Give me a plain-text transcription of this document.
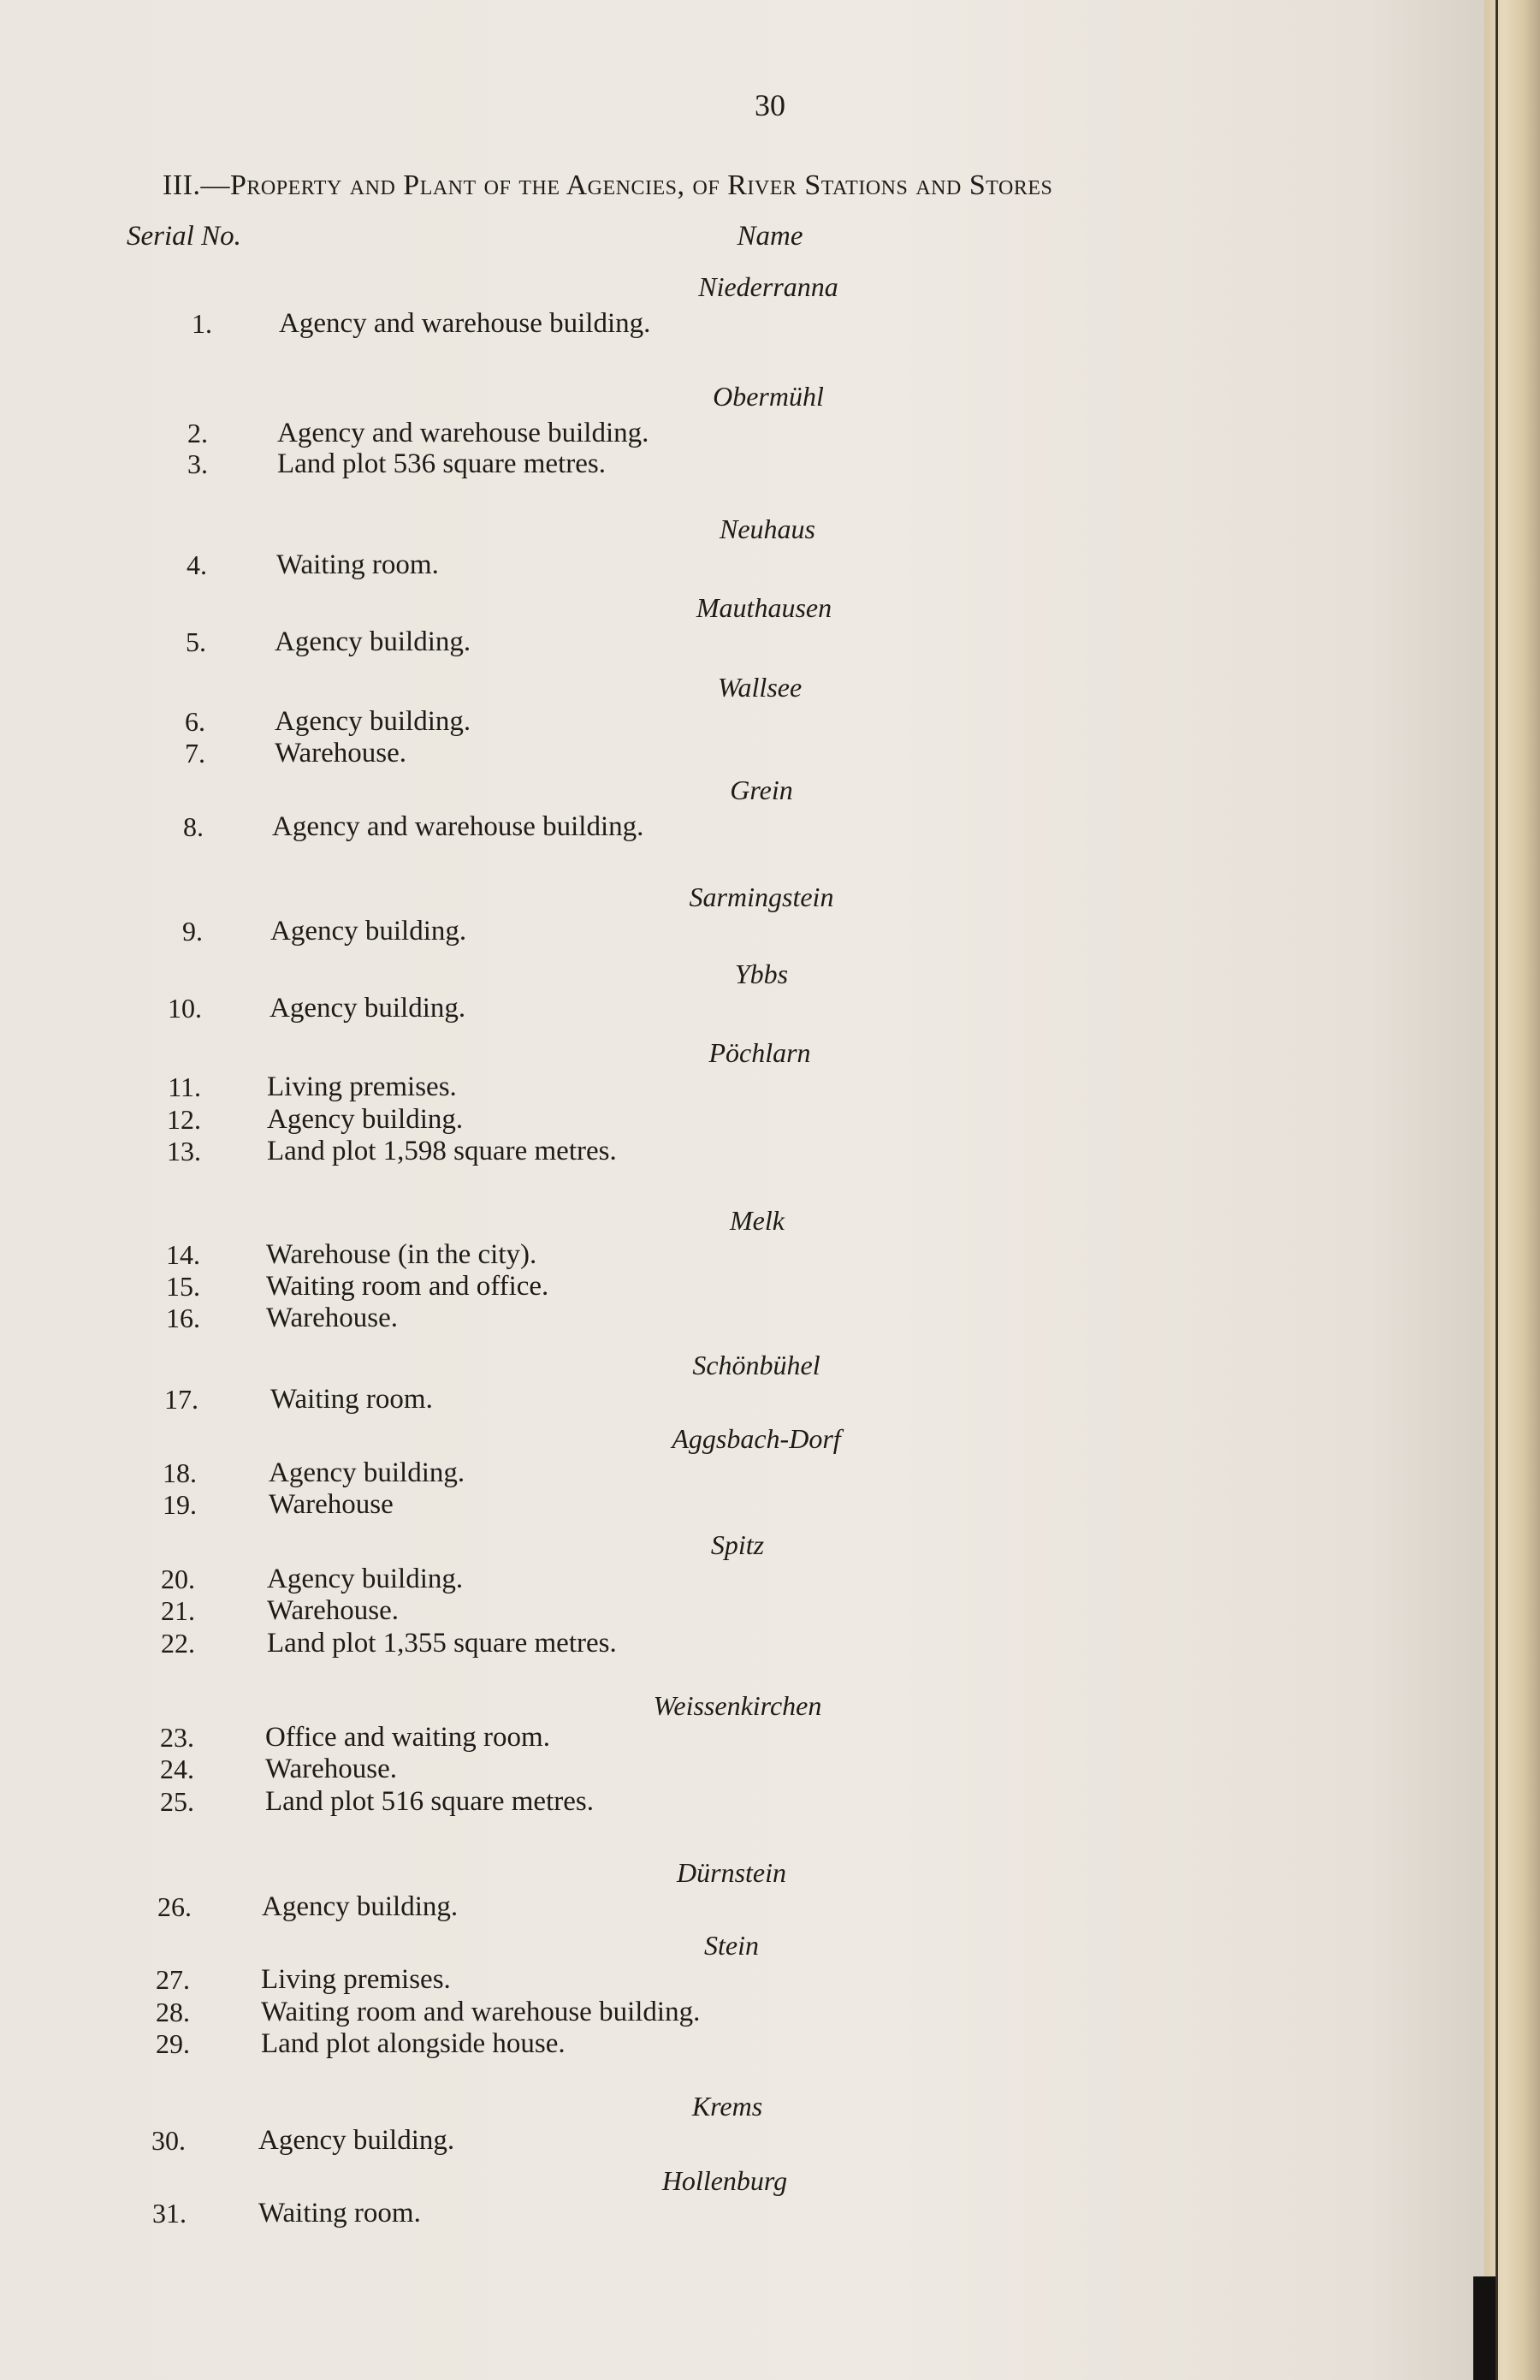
30
III.—Property and Plant of the Agencies, of River Stations and Stores
Serial No.	Name
Niederranna
1. Agency and warehouse building.
Obermühl
2. Agency and warehouse building.
3. Land plot 536 square metres.
Neuhaus
4. Waiting room.
Mauthausen
5. Agency building.
Wallsee
6. Agency building.
7. Warehouse.
Grein
8. Agency and warehouse building.
Sarmingstein
9. Agency building.
Ybbs
10. Agency building.
Pöchlarn
11. Living premises.
12. Agency building.
13. Land plot 1,598 square metres.
Melk
14. Warehouse (in the city).
15. Waiting room and office.
16. Warehouse.
Schönbühel
17.	Waiting room.
Aggsbach-Dorf
18.	Agency building.
19.	Warehouse
Spitz
20.	Agency building.
21.	Warehouse.
22.	Land plot 1,355 square metres.
Weissenkirchen
23.	Office and waiting room.
24.	Warehouse.
25.	Land plot 516 square metres.
Dürnstein
26. Agency building.
Stein
27.	Living premises.
28.	Waiting room and warehouse building.
29.	Land plot alongside house.
Krems
30.	Agency building.
Hollenburg
31.	Waiting room.
